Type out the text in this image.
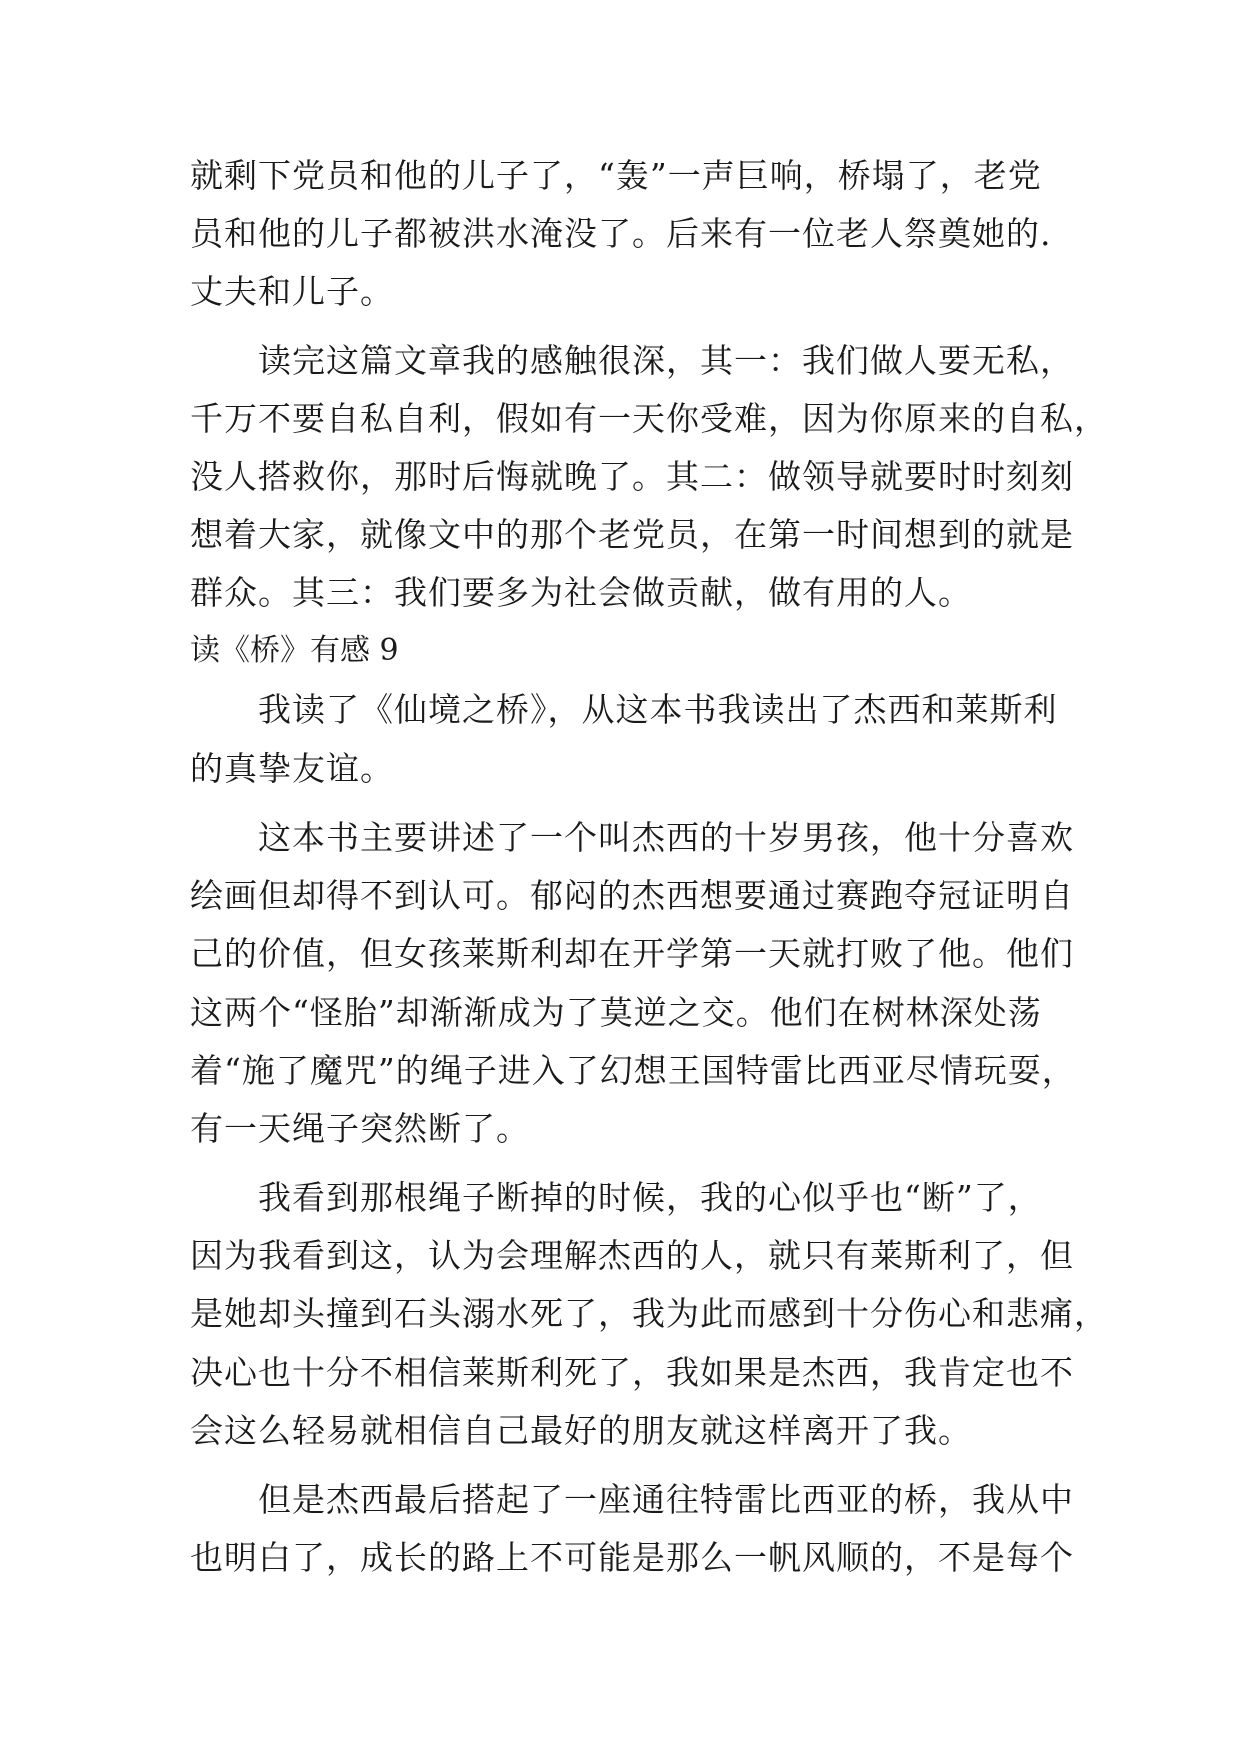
就剩下党员和他的儿子了，“轰”一声巨响，桥塌了，老党
员和他的儿子都被洪水淹没了。后来有一位老人祭奠她的.
丈夫和儿子。
读完这篇文章我的感触很深，其一：我们做人要无私，
千万不要自私自利，假如有一天你受难，因为你原来的自私，
没人搭救你，那时后悔就晚了。其二：做领导就要时时刻刻
想着大家，就像文中的那个老党员，在第一时间想到的就是
群众。其三：我们要多为社会做贡献，做有用的人。
读《桥》有感 9
我读了《仙境之桥》，从这本书我读出了杰西和莱斯利
的真挚友谊。
这本书主要讲述了一个叫杰西的十岁男孩，他十分喜欢
绘画但却得不到认可。郁闷的杰西想要通过赛跑夺冠证明自
己的价值，但女孩莱斯利却在开学第一天就打败了他。他们
这两个“怪胎”却渐渐成为了莫逆之交。他们在树林深处荡
着“施了魔咒”的绳子进入了幻想王国特雷比西亚尽情玩耍，
有一天绳子突然断了。
我看到那根绳子断掉的时候，我的心似乎也“断”了，
因为我看到这，认为会理解杰西的人，就只有莱斯利了，但
是她却头撞到石头溺水死了，我为此而感到十分伤心和悲痛，
决心也十分不相信莱斯利死了，我如果是杰西，我肯定也不
会这么轻易就相信自己最好的朋友就这样离开了我。
但是杰西最后搭起了一座通往特雷比西亚的桥，我从中
也明白了，成长的路上不可能是那么一帆风顺的，不是每个
